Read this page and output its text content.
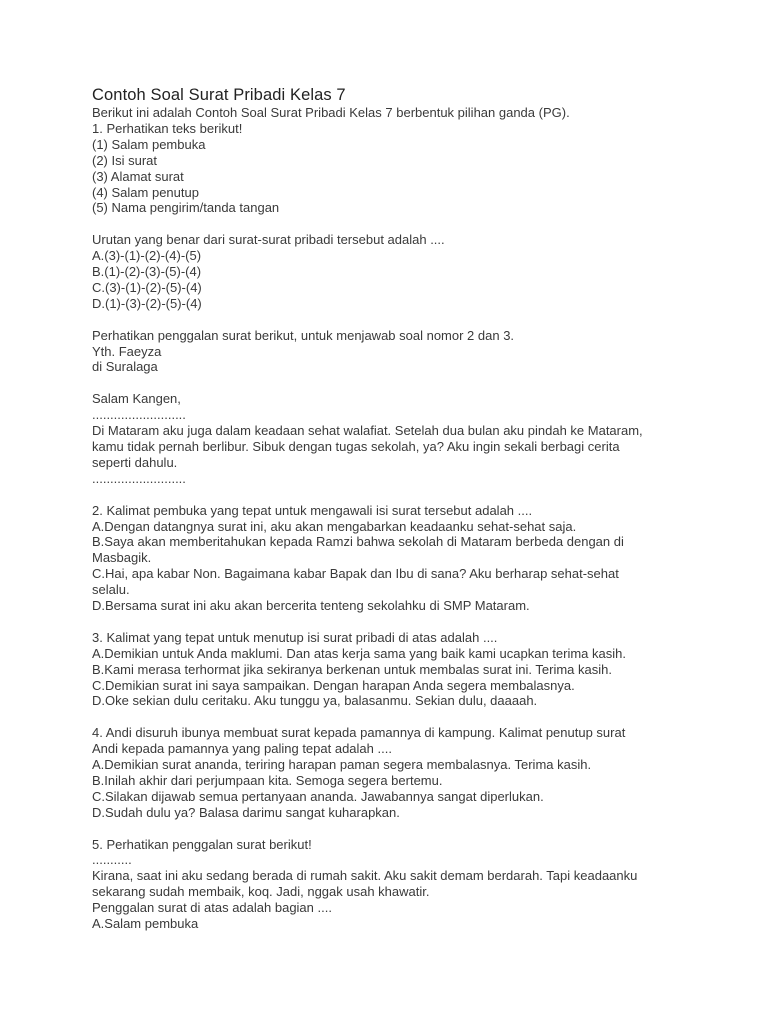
Contoh Soal Surat Pribadi Kelas 7

Berikut ini adalah Contoh Soal Surat Pribadi Kelas 7 berbentuk pilihan ganda (PG).

1. Perhatikan teks berikut!

(1) Salam pembuka

(2) Isi surat

(3) Alamat surat

(4) Salam penutup

(5) Nama pengirim/tanda tangan

Urutan yang benar dari surat-surat pribadi tersebut adalah ....

A.(3)-(1)-(2)-(4)-(5)

B.(1)-(2)-(3)-(5)-(4)

C.(3)-(1)-(2)-(5)-(4)

D.(1)-(3)-(2)-(5)-(4)

Perhatikan penggalan surat berikut, untuk menjawab soal nomor 2 dan 3.

Yth. Faeyza

di Suralaga

Salam Kangen,

..........................

Di Mataram aku juga dalam keadaan sehat walafiat. Setelah dua bulan aku pindah ke Mataram,

kamu tidak pernah berlibur. Sibuk dengan tugas sekolah, ya? Aku ingin sekali berbagi cerita

seperti dahulu.

..........................

2. Kalimat pembuka yang tepat untuk mengawali isi surat tersebut adalah ....

A.Dengan datangnya surat ini, aku akan mengabarkan keadaanku sehat-sehat saja.

B.Saya akan memberitahukan kepada Ramzi bahwa sekolah di Mataram berbeda dengan di

Masbagik.

C.Hai, apa kabar Non. Bagaimana kabar Bapak dan Ibu di sana? Aku berharap sehat-sehat

selalu.

D.Bersama surat ini aku akan bercerita tenteng sekolahku di SMP Mataram.

3. Kalimat yang tepat untuk menutup isi surat pribadi di atas adalah ....

A.Demikian untuk Anda maklumi. Dan atas kerja sama yang baik kami ucapkan terima kasih.

B.Kami merasa terhormat jika sekiranya berkenan untuk membalas surat ini. Terima kasih.

C.Demikian surat ini saya sampaikan. Dengan harapan Anda segera membalasnya.

D.Oke sekian dulu ceritaku. Aku tunggu ya, balasanmu. Sekian dulu, daaaah.

4. Andi disuruh ibunya membuat surat kepada pamannya di kampung. Kalimat penutup surat

Andi kepada pamannya yang paling tepat adalah ....

A.Demikian surat ananda, teriring harapan paman segera membalasnya. Terima kasih.

B.Inilah akhir dari perjumpaan kita. Semoga segera bertemu.

C.Silakan dijawab semua pertanyaan ananda. Jawabannya sangat diperlukan.

D.Sudah dulu ya? Balasa darimu sangat kuharapkan.

5. Perhatikan penggalan surat berikut!

...........

Kirana, saat ini aku sedang berada di rumah sakit. Aku sakit demam berdarah. Tapi keadaanku

sekarang sudah membaik, koq. Jadi, nggak usah khawatir.

Penggalan surat di atas adalah bagian ....

A.Salam pembuka
